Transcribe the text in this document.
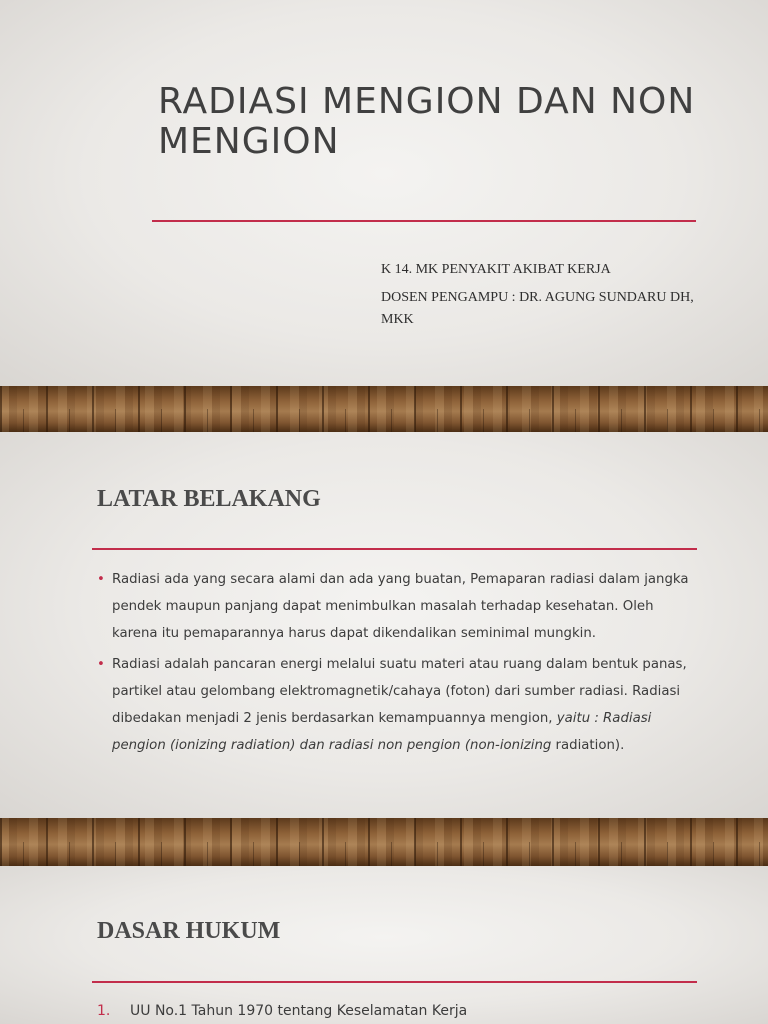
RADIASI MENGION DAN NON MENGION
K 14. MK PENYAKIT AKIBAT KERJA
DOSEN PENGAMPU : DR. AGUNG SUNDARU DH, MKK
LATAR BELAKANG
• Radiasi ada yang secara alami dan ada yang buatan, Pemaparan radiasi dalam jangka pendek maupun panjang dapat menimbulkan masalah terhadap kesehatan. Oleh karena itu pemaparannya harus dapat dikendalikan seminimal mungkin.
• Radiasi adalah pancaran energi melalui suatu materi atau ruang dalam bentuk panas, partikel atau gelombang elektromagnetik/cahaya (foton) dari sumber radiasi. Radiasi dibedakan menjadi 2 jenis berdasarkan kemampuannya mengion, yaitu : Radiasi pengion (ionizing radiation) dan radiasi non pengion (non-ionizing radiation).
DASAR HUKUM
1. UU No.1 Tahun 1970 tentang Keselamatan Kerja
